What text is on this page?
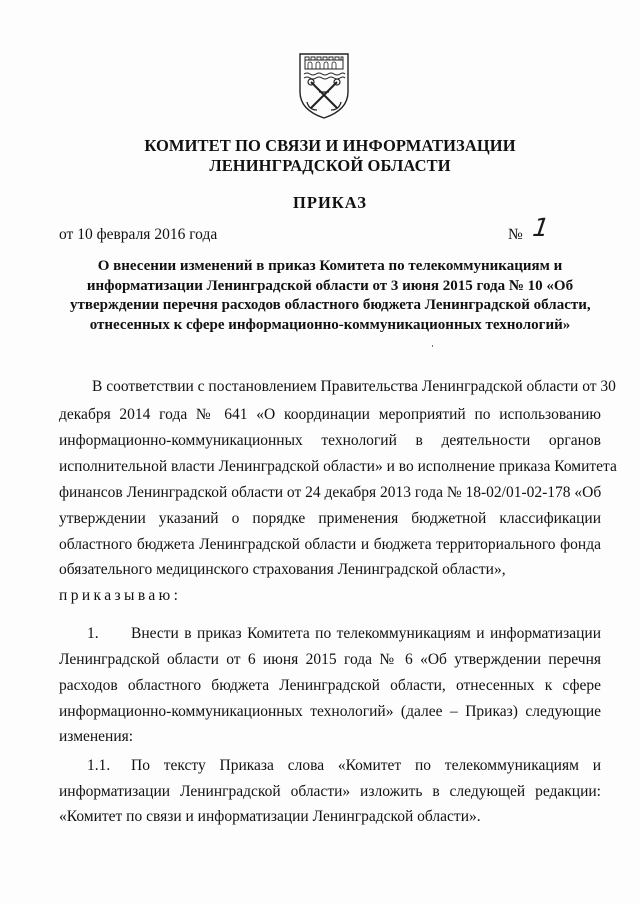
КОМИТЕТ ПО СВЯЗИ И ИНФОРМАТИЗАЦИИ
ЛЕНИНГРАДСКОЙ ОБЛАСТИ
ПРИКАЗ
от 10 февраля 2016 года	№ 1
О внесении изменений в приказ Комитета по телекоммуникациям и
информатизации Ленинградской области от 3 июня 2015 года № 10 «Об
утверждении перечня расходов областного бюджета Ленинградской области,
отнесенных к сфере информационно-коммуникационных технологий»
В соответствии с постановлением Правительства Ленинградской области от 30
декабря 2014 года № 641 «О координации мероприятий по использованию
информационно-коммуникационных технологий в деятельности органов
исполнительной власти Ленинградской области» и во исполнение приказа Комитета
финансов Ленинградской области от 24 декабря 2013 года № 18-02/01-02-178 «Об
утверждении указаний о порядке применения бюджетной классификации
областного бюджета Ленинградской области и бюджета территориального фонда
обязательного медицинского страхования Ленинградской области»,
приказываю:
1.	Внести в приказ Комитета по телекоммуникациям и информатизации
Ленинградской области от 6 июня 2015 года № 6 «Об утверждении перечня
расходов областного бюджета Ленинградской области, отнесенных к сфере
информационно-коммуникационных технологий» (далее – Приказ) следующие
изменения:
1.1.	По тексту Приказа слова «Комитет по телекоммуникациям и
информатизации Ленинградской области» изложить в следующей редакции:
«Комитет по связи и информатизации Ленинградской области».
